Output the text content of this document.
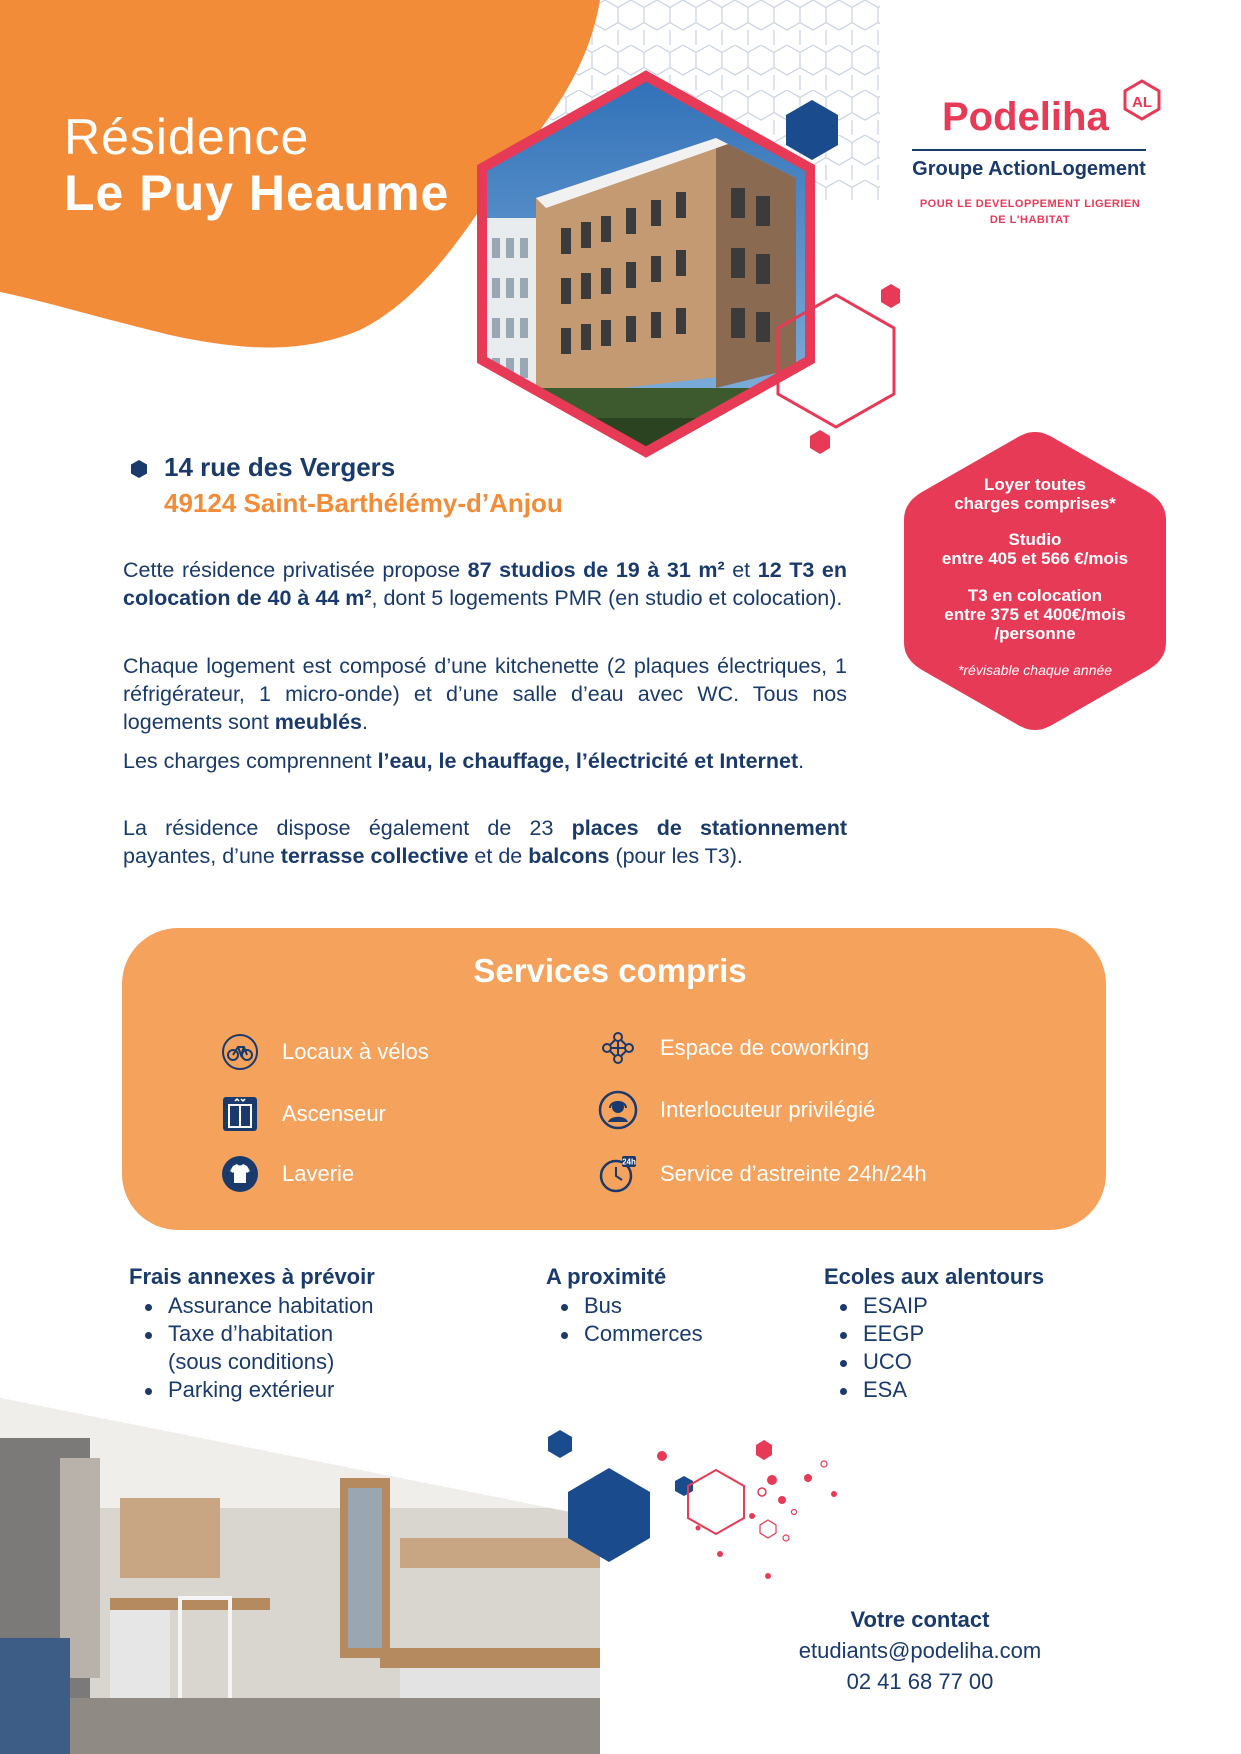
Résidence
Le Puy Heaume
Podeliha AL
Groupe ActionLogement
POUR LE DEVELOPPEMENT LIGERIEN
DE L'HABITAT
14 rue des Vergers
49124 Saint-Barthélémy-d’Anjou

Cette résidence privatisée propose 87 studios de 19 à 31 m² et 12 T3 en colocation de 40 à 44 m², dont 5 logements PMR (en studio et colocation).

Chaque logement est composé d’une kitchenette (2 plaques électriques, 1 réfrigérateur, 1 micro-onde) et d’une salle d’eau avec WC. Tous nos logements sont meublés.

Les charges comprennent l’eau, le chauffage, l’électricité et Internet.

La résidence dispose également de 23 places de stationnement payantes, d’une terrasse collective et de balcons (pour les T3).

Loyer toutes
charges comprises*
Studio
entre 405 et 566 €/mois
T3 en colocation
entre 375 et 400€/mois
/personne
*révisable chaque année
Services compris
Locaux à vélos	Espace de coworking
Ascenseur	Interlocuteur privilégié
Laverie	24h Service d’astreinte 24h/24h
Frais annexes à prévoir
Assurance habitation
Taxe d’habitation
(sous conditions)
Parking extérieur
A proximité
Bus
Commerces
Ecoles aux alentours
ESAIP
EEGP
UCO
ESA
Votre contact
etudiants@podeliha.com
02 41 68 77 00
